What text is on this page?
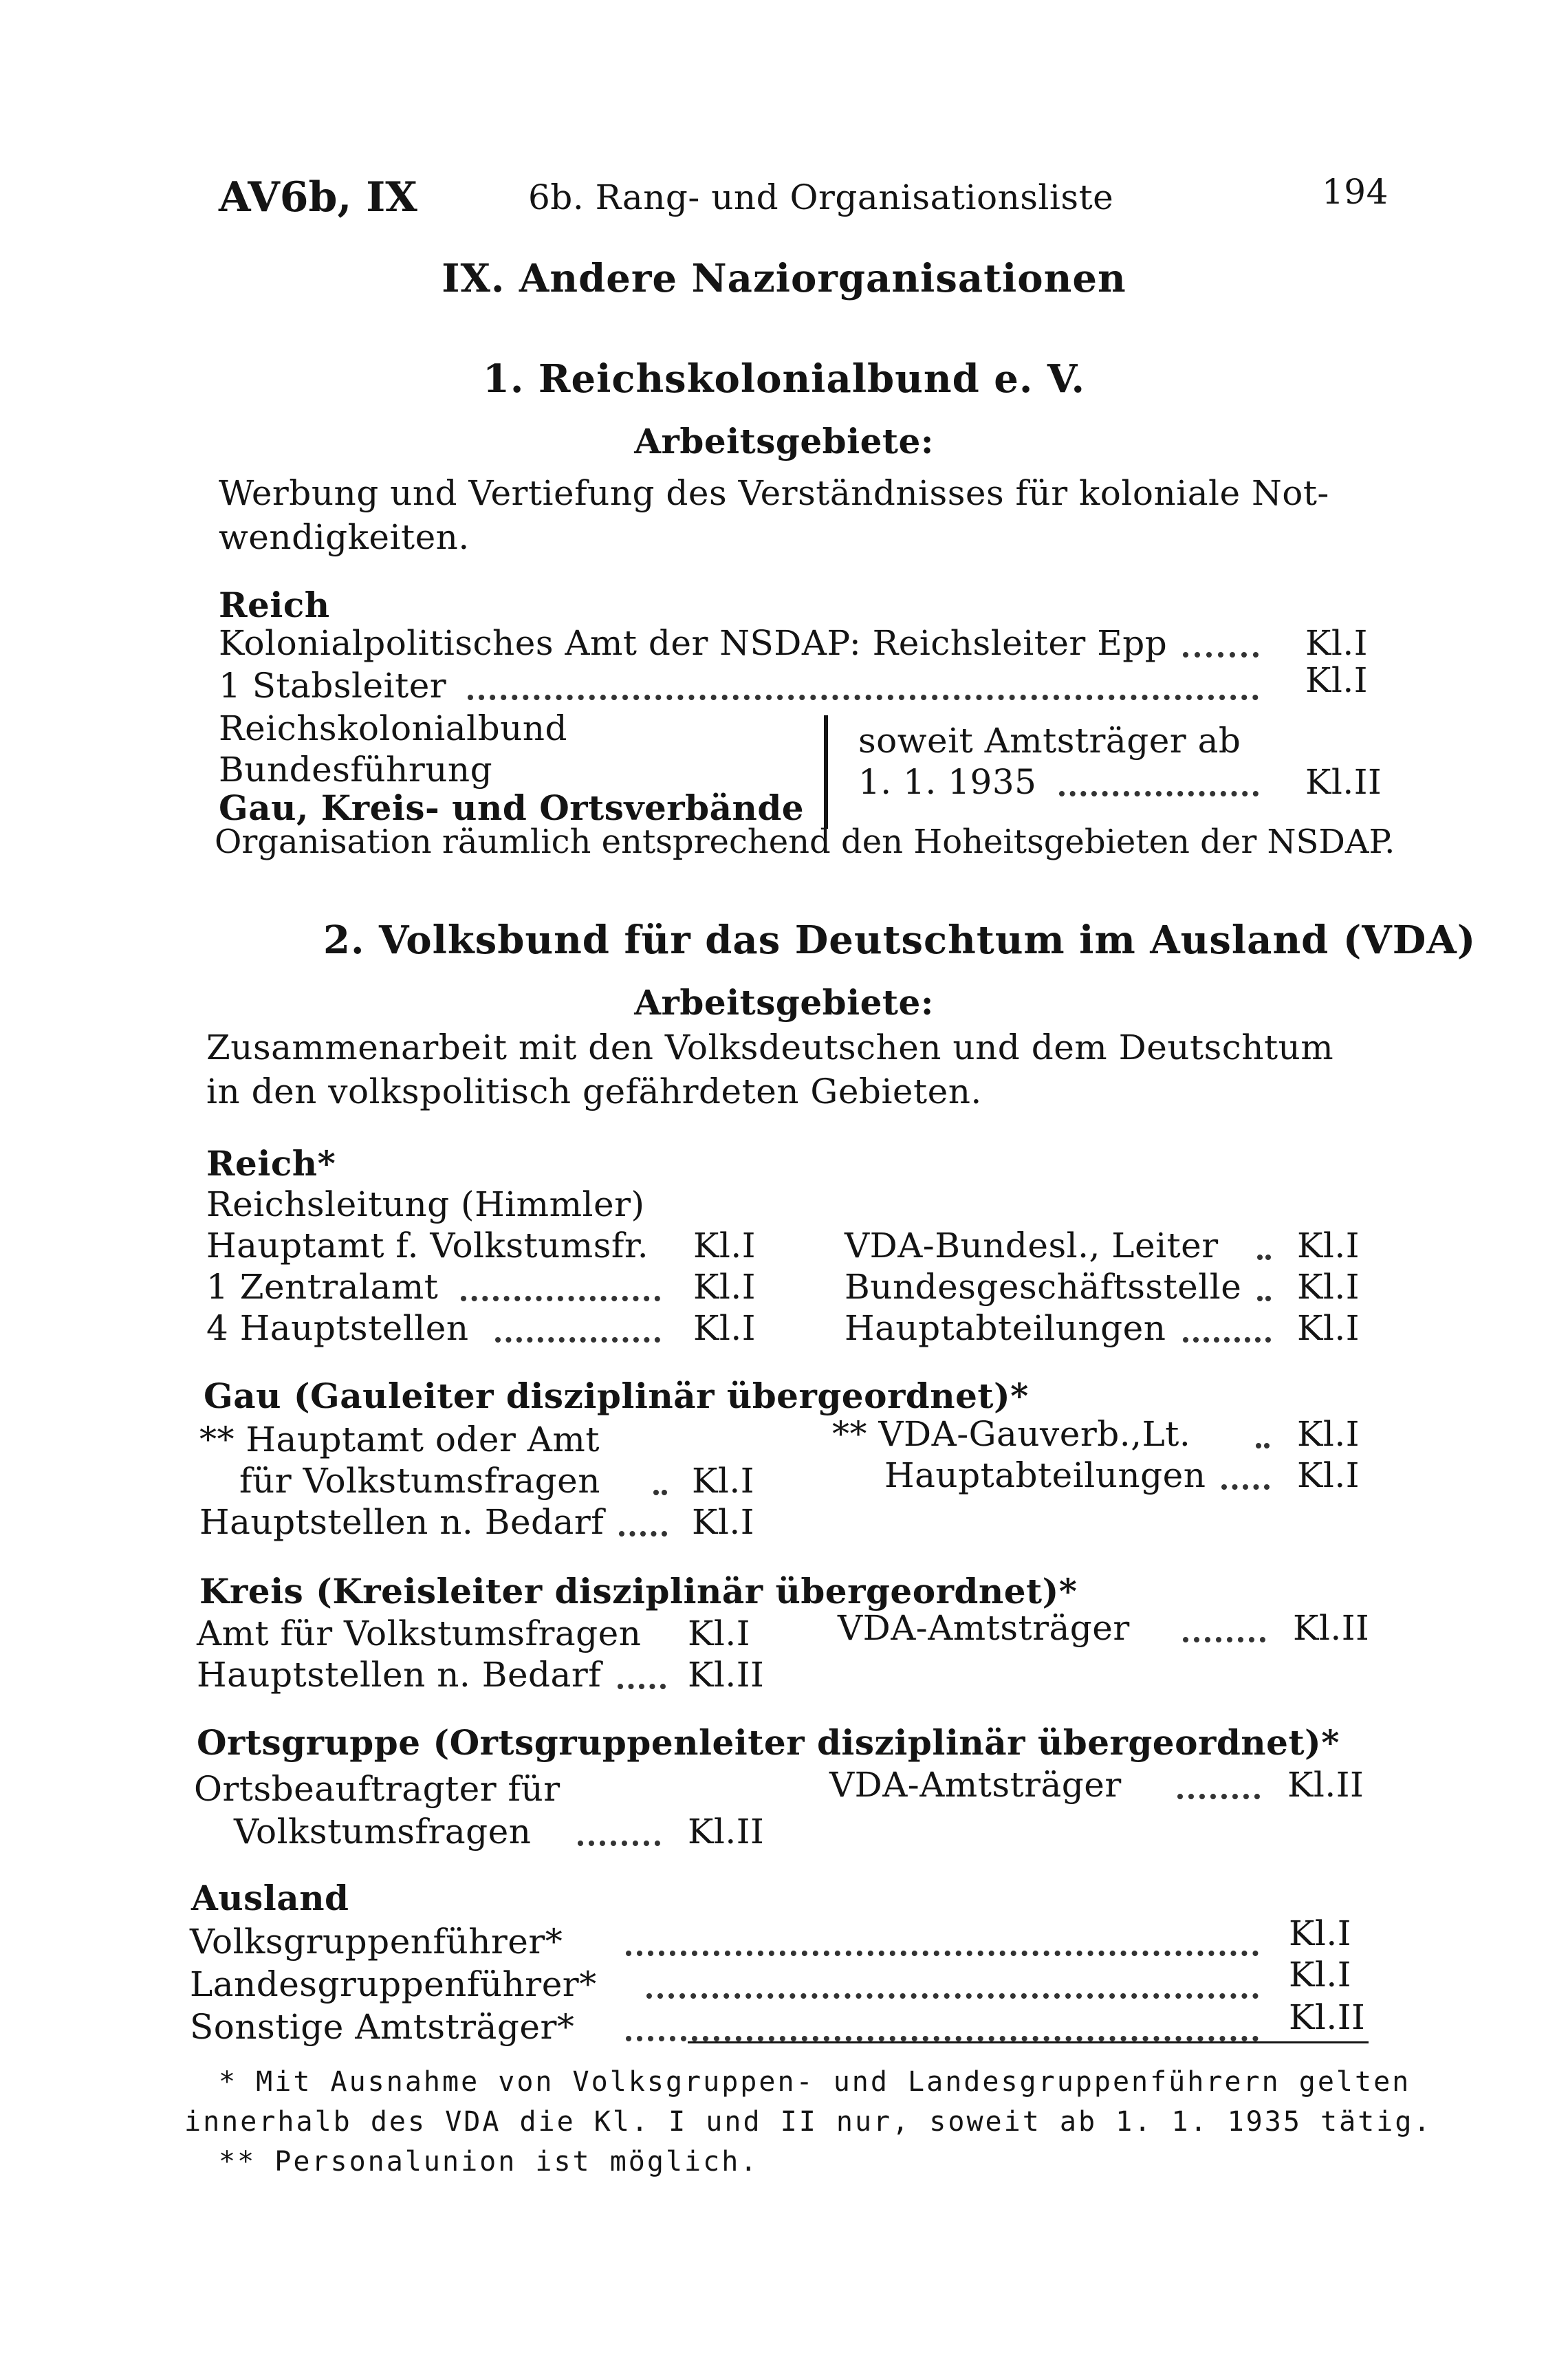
AV6b, IX	6b. Rang- und Organisationsliste	194
IX. Andere Naziorganisationen
1. Reichskolonialbund e. V.
Arbeitsgebiete:
Werbung und Vertiefung des Verständnisses für koloniale Not-
wendigkeiten.
Reich
Kolonialpolitisches Amt der NSDAP: Reichsleiter Epp	Kl.I
1 Stabsleiter	Kl.I
Reichskolonialbund
Bundesführung
Gau, Kreis- und Ortsverbände
soweit Amtsträger ab
1. 1. 1935	Kl.II
Organisation räumlich entsprechend den Hoheitsgebieten der NSDAP.
2. Volksbund für das Deutschtum im Ausland (VDA)
Arbeitsgebiete:
Zusammenarbeit mit den Volksdeutschen und dem Deutschtum
in den volkspolitisch gefährdeten Gebieten.
Reich*
Reichsleitung (Himmler)
Hauptamt f. Volkstumsfr. Kl.I
1 Zentralamt	Kl.I
4 Hauptstellen	Kl.I
VDA-Bundesl., Leiter Kl.I
Bundesgeschäftsstelle Kl.I
Hauptabteilungen	Kl.I
Gau (Gauleiter disziplinär übergeordnet)*
** Hauptamt oder Amt
für Volkstumsfragen	Kl.I
Hauptstellen n. Bedarf	Kl.I
** VDA-Gauverb.,Lt.	Kl.I
Hauptabteilungen	Kl.I
Kreis (Kreisleiter disziplinär übergeordnet)*
Amt für Volkstumsfragen Kl.I
Hauptstellen n. Bedarf	Kl.II
VDA-Amtsträger	Kl.II
Ortsgruppe (Ortsgruppenleiter disziplinär übergeordnet)*
Ortsbeauftragter für
Volkstumsfragen	Kl.II
VDA-Amtsträger	Kl.II
Ausland
Volksgruppenführer*	Kl.I
Landesgruppenführer*	Kl.I
Sonstige Amtsträger*	Kl.II
* Mit Ausnahme von Volksgruppen- und Landesgruppenführern gelten
innerhalb des VDA die Kl. I und II nur, soweit ab 1. 1. 1935 tätig.
** Personalunion ist möglich.
